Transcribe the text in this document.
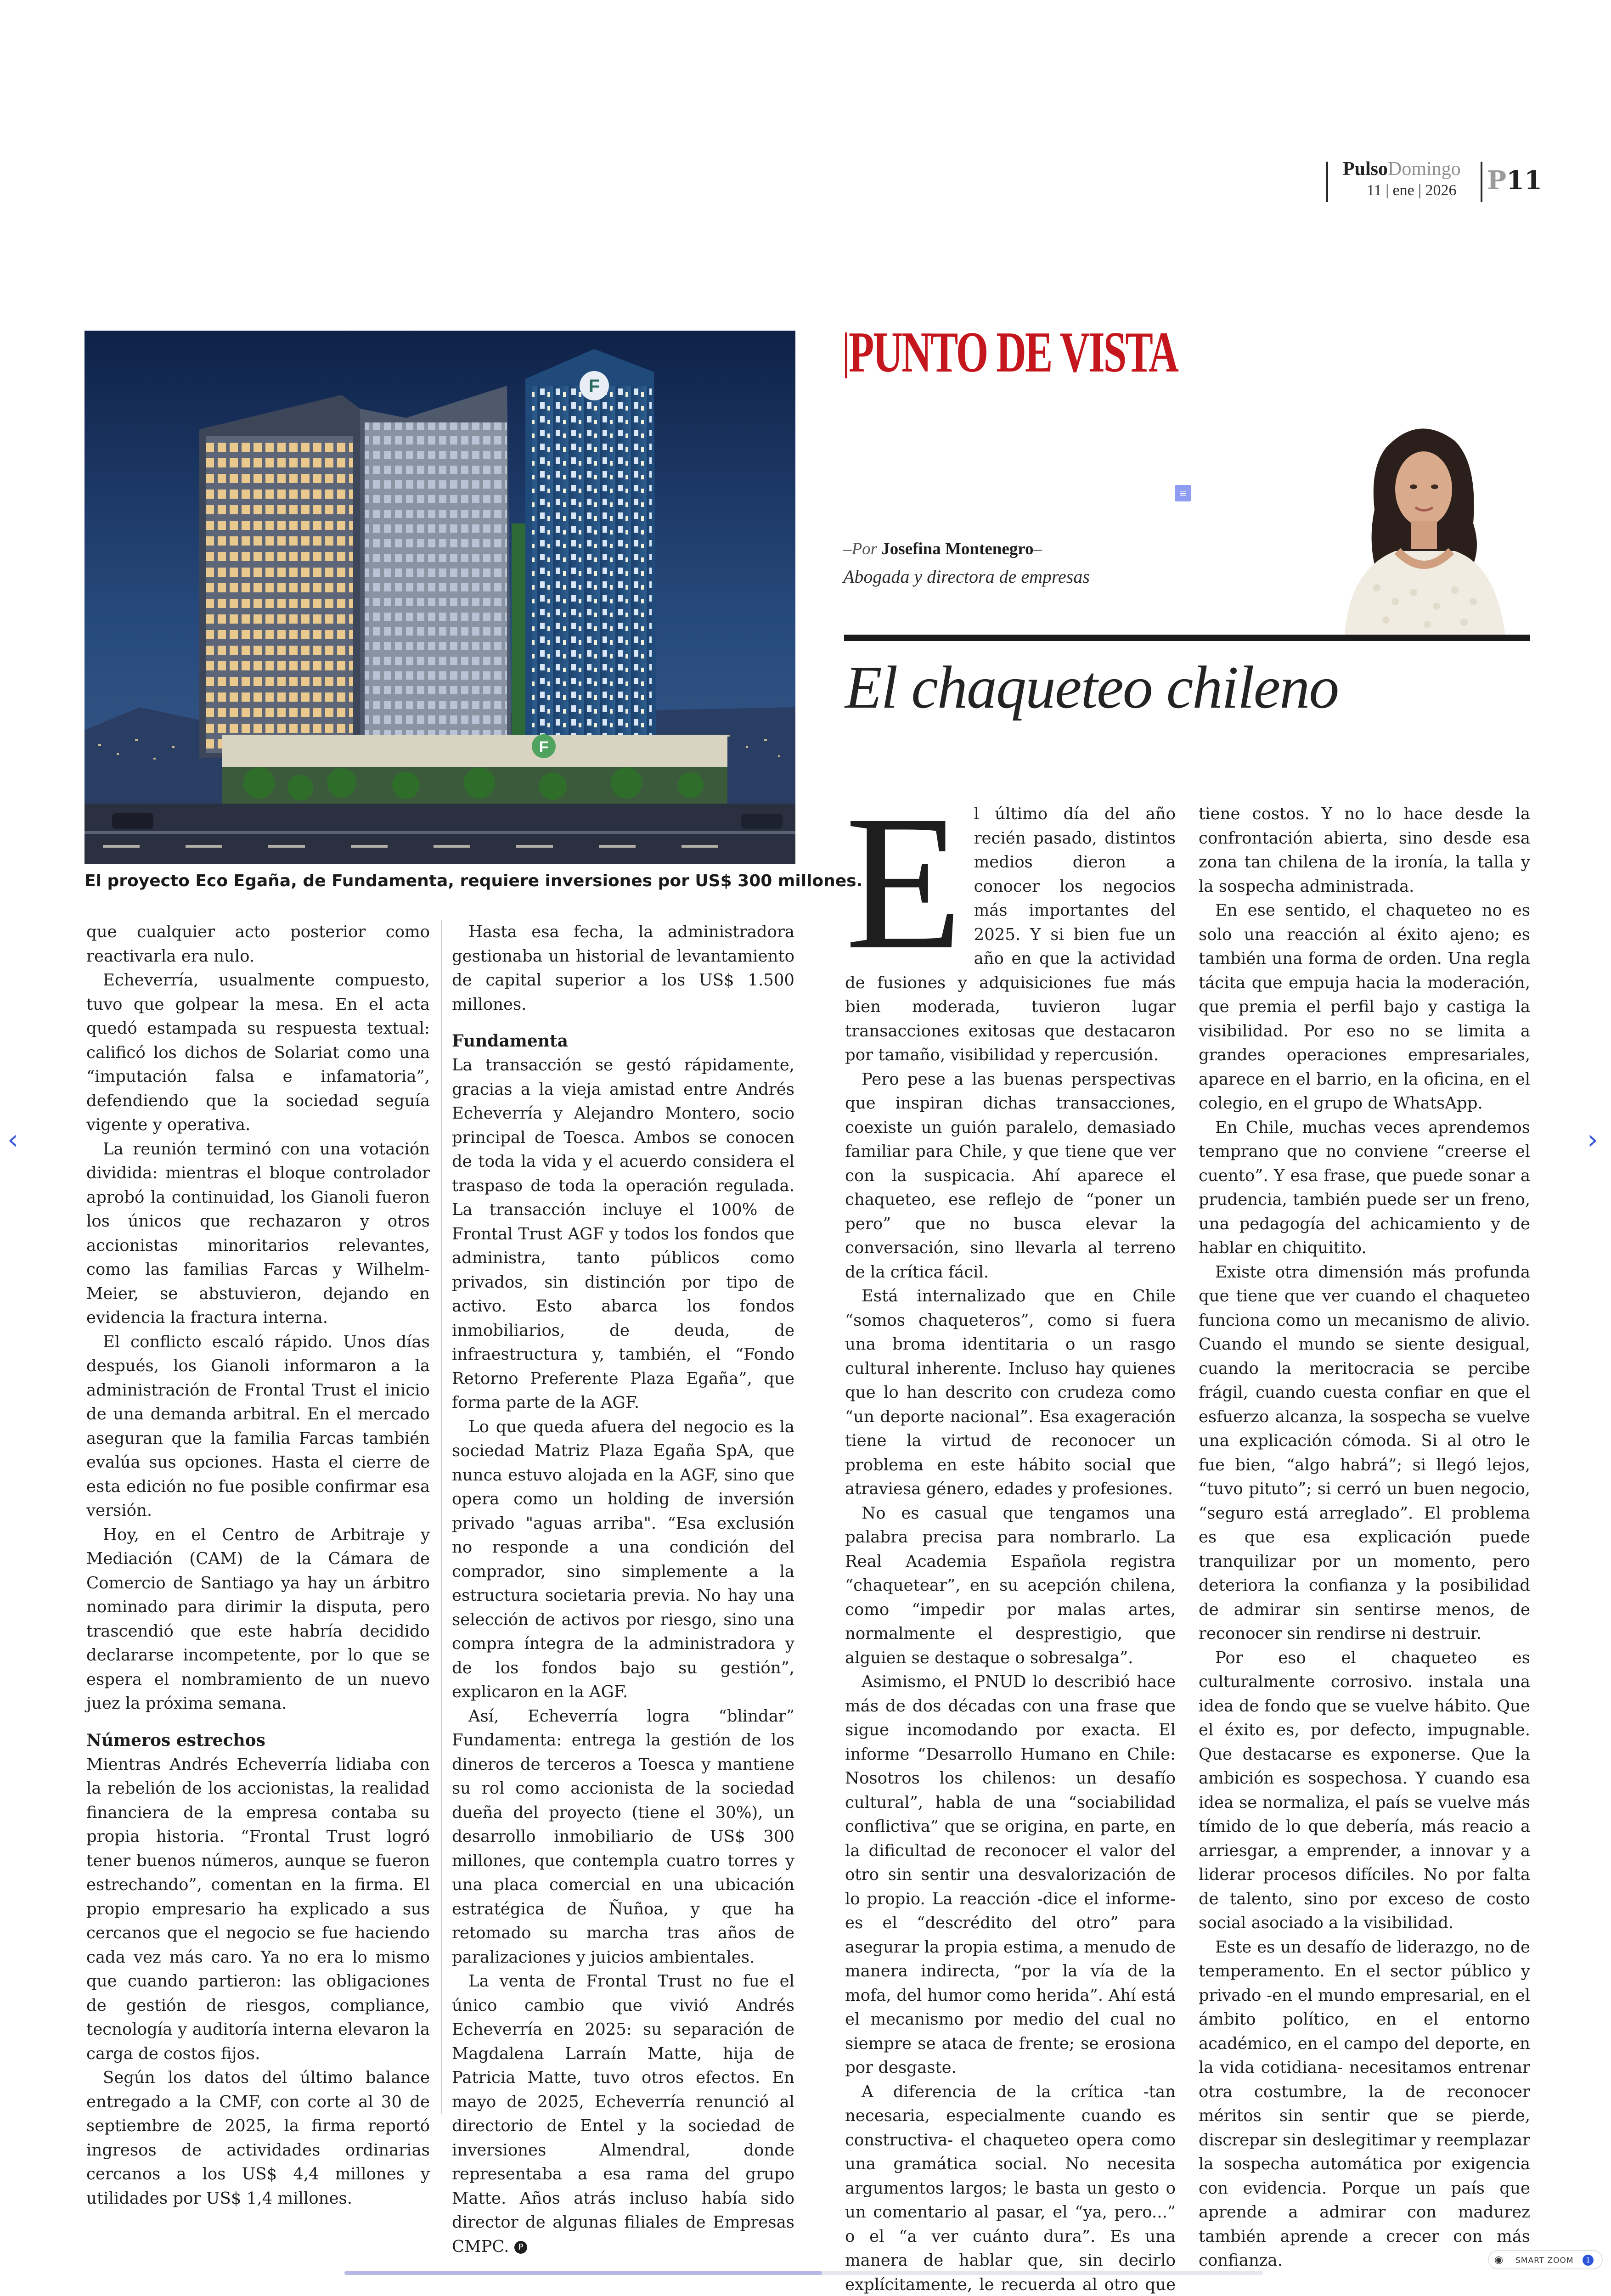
PulsoDomingo
11 | ene | 2026 P11
F
F
El proyecto Eco Egaña, de Fundamenta, requiere inversiones por US$ 300 millones.
PUNTO DE VISTA
≡
–Por Josefina Montenegro–
Abogada y directora de empresas
El chaqueteo chileno

que cualquier acto posterior como reactivarla era nulo.

Echeverría, usualmente compuesto, tuvo que golpear la mesa. En el acta quedó estampada su respuesta textual: calificó los dichos de Solariat como una “imputación falsa e infamatoria”, defendiendo que la sociedad seguía vigente y operativa.

La reunión terminó con una votación dividida: mientras el bloque controlador aprobó la continuidad, los Gianoli fueron los únicos que rechazaron y otros accionistas minoritarios relevantes, como las familias Farcas y Wilhelm-Meier, se abstuvieron, dejando en evidencia la fractura interna.

El conflicto escaló rápido. Unos días después, los Gianoli informaron a la administración de Frontal Trust el inicio de una demanda arbitral. En el mercado aseguran que la familia Farcas también evalúa sus opciones. Hasta el cierre de esta edición no fue posible confirmar esa versión.

Hoy, en el Centro de Arbitraje y Mediación (CAM) de la Cámara de Comercio de Santiago ya hay un árbitro nominado para dirimir la disputa, pero trascendió que este habría decidido declararse incompetente, por lo que se espera el nombramiento de un nuevo juez la próxima semana.

Números estrechos

Mientras Andrés Echeverría lidiaba con la rebelión de los accionistas, la realidad financiera de la empresa contaba su propia historia. “Frontal Trust logró tener buenos números, aunque se fueron estrechando”, comentan en la firma. El propio empresario ha explicado a sus cercanos que el negocio se fue haciendo cada vez más caro. Ya no era lo mismo que cuando partieron: las obligaciones de gestión de riesgos, compliance, tecnología y auditoría interna elevaron la carga de costos fijos.

Según los datos del último balance entregado a la CMF, con corte al 30 de septiembre de 2025, la firma reportó ingresos de actividades ordinarias cercanos a los US$ 4,4 millones y utilidades por US$ 1,4 millones.

Hasta esa fecha, la administradora gestionaba un historial de levantamiento de capital superior a los US$ 1.500 millones.

Fundamenta

La transacción se gestó rápidamente, gracias a la vieja amistad entre Andrés Echeverría y Alejandro Montero, socio principal de Toesca. Ambos se conocen de toda la vida y el acuerdo considera el traspaso de toda la operación regulada. La transacción incluye el 100% de Frontal Trust AGF y todos los fondos que administra, tanto públicos como privados, sin distinción por tipo de activo. Esto abarca los fondos inmobiliarios, de deuda, de infraestructura y, también, el “Fondo Retorno Preferente Plaza Egaña”, que forma parte de la AGF.

Lo que queda afuera del negocio es la sociedad Matriz Plaza Egaña SpA, que nunca estuvo alojada en la AGF, sino que opera como un holding de inversión privado "aguas arriba". “Esa exclusión no responde a una condición del comprador, sino simplemente a la estructura societaria previa. No hay una selección de activos por riesgo, sino una compra íntegra de la administradora y de los fondos bajo su gestión”, explicaron en la AGF.

Así, Echeverría logra “blindar” Fundamenta: entrega la gestión de los dineros de terceros a Toesca y mantiene su rol como accionista de la sociedad dueña del proyecto (tiene el 30%), un desarrollo inmobiliario de US$ 300 millones, que contempla cuatro torres y una placa comercial en una ubicación estratégica de Ñuñoa, y que ha retomado su marcha tras años de paralizaciones y juicios ambientales.

La venta de Frontal Trust no fue el único cambio que vivió Andrés Echeverría en 2025: su separación de Magdalena Larraín Matte, hija de Patricia Matte, tuvo otros efectos. En mayo de 2025, Echeverría renunció al directorio de Entel y la sociedad de inversiones Almendral, donde representaba a esa rama del grupo Matte. Años atrás incluso había sido director de algunas filiales de Empresas CMPC. P

El último día del año recién pasado, distintos medios dieron a conocer los negocios más importantes del 2025. Y si bien fue un año en que la actividad de fusiones y adquisiciones fue más bien moderada, tuvieron lugar transacciones exitosas que destacaron por tamaño, visibilidad y repercusión.

Pero pese a las buenas perspectivas que inspiran dichas transacciones, coexiste un guión paralelo, demasiado familiar para Chile, y que tiene que ver con la suspicacia. Ahí aparece el chaqueteo, ese reflejo de “poner un pero” que no busca elevar la conversación, sino llevarla al terreno de la crítica fácil.

Está internalizado que en Chile “somos chaqueteros”, como si fuera una broma identitaria o un rasgo cultural inherente. Incluso hay quienes que lo han descrito con crudeza como “un deporte nacional”. Esa exageración tiene la virtud de reconocer un problema en este hábito social que atraviesa género, edades y profesiones.

No es casual que tengamos una palabra precisa para nombrarlo. La Real Academia Española registra “chaquetear”, en su acepción chilena, como “impedir por malas artes, normalmente el desprestigio, que alguien se destaque o sobresalga”.

Asimismo, el PNUD lo describió hace más de dos décadas con una frase que sigue incomodando por exacta. El informe “Desarrollo Humano en Chile: Nosotros los chilenos: un desafío cultural”, habla de una “sociabilidad conflictiva” que se origina, en parte, en la dificultad de reconocer el valor del otro sin sentir una desvalorización de lo propio. La reacción -dice el informe- es el “descrédito del otro” para asegurar la propia estima, a menudo de manera indirecta, “por la vía de la mofa, del humor como herida”. Ahí está el mecanismo por medio del cual no siempre se ataca de frente; se erosiona por desgaste.

A diferencia de la crítica -tan necesaria, especialmente cuando es constructiva- el chaqueteo opera como una gramática social. No necesita argumentos largos; le basta un gesto o un comentario al pasar, el “ya, pero...” o el “a ver cuánto dura”. Es una manera de hablar que, sin decirlo explícitamente, le recuerda al otro que

tiene costos. Y no lo hace desde la confrontación abierta, sino desde esa zona tan chilena de la ironía, la talla y la sospecha administrada.

En ese sentido, el chaqueteo no es solo una reacción al éxito ajeno; es también una forma de orden. Una regla tácita que empuja hacia la moderación, que premia el perfil bajo y castiga la visibilidad. Por eso no se limita a grandes operaciones empresariales, aparece en el barrio, en la oficina, en el colegio, en el grupo de WhatsApp.

En Chile, muchas veces aprendemos temprano que no conviene “creerse el cuento”. Y esa frase, que puede sonar a prudencia, también puede ser un freno, una pedagogía del achicamiento y de hablar en chiquitito.

Existe otra dimensión más profunda que tiene que ver cuando el chaqueteo funciona como un mecanismo de alivio. Cuando el mundo se siente desigual, cuando la meritocracia se percibe frágil, cuando cuesta confiar en que el esfuerzo alcanza, la sospecha se vuelve una explicación cómoda. Si al otro le fue bien, “algo habrá”; si llegó lejos, “tuvo pituto”; si cerró un buen negocio, “seguro está arreglado”. El problema es que esa explicación puede tranquilizar por un momento, pero deteriora la confianza y la posibilidad de admirar sin sentirse menos, de reconocer sin rendirse ni destruir.

Por eso el chaqueteo es culturalmente corrosivo. instala una idea de fondo que se vuelve hábito. Que el éxito es, por defecto, impugnable. Que destacarse es exponerse. Que la ambición es sospechosa. Y cuando esa idea se normaliza, el país se vuelve más tímido de lo que debería, más reacio a arriesgar, a emprender, a innovar y a liderar procesos difíciles. No por falta de talento, sino por exceso de costo social asociado a la visibilidad.

Este es un desafío de liderazgo, no de temperamento. En el sector público y privado -en el mundo empresarial, en el ámbito político, en el entorno académico, en el campo del deporte, en la vida cotidiana- necesitamos entrenar otra costumbre, la de reconocer méritos sin sentir que se pierde, discrepar sin deslegitimar y reemplazar la sospecha automática por exigencia con evidencia. Porque un país que aprende a admirar con madurez también aprende a crecer con más confianza.

‹	›
◉ SMART ZOOM	1
